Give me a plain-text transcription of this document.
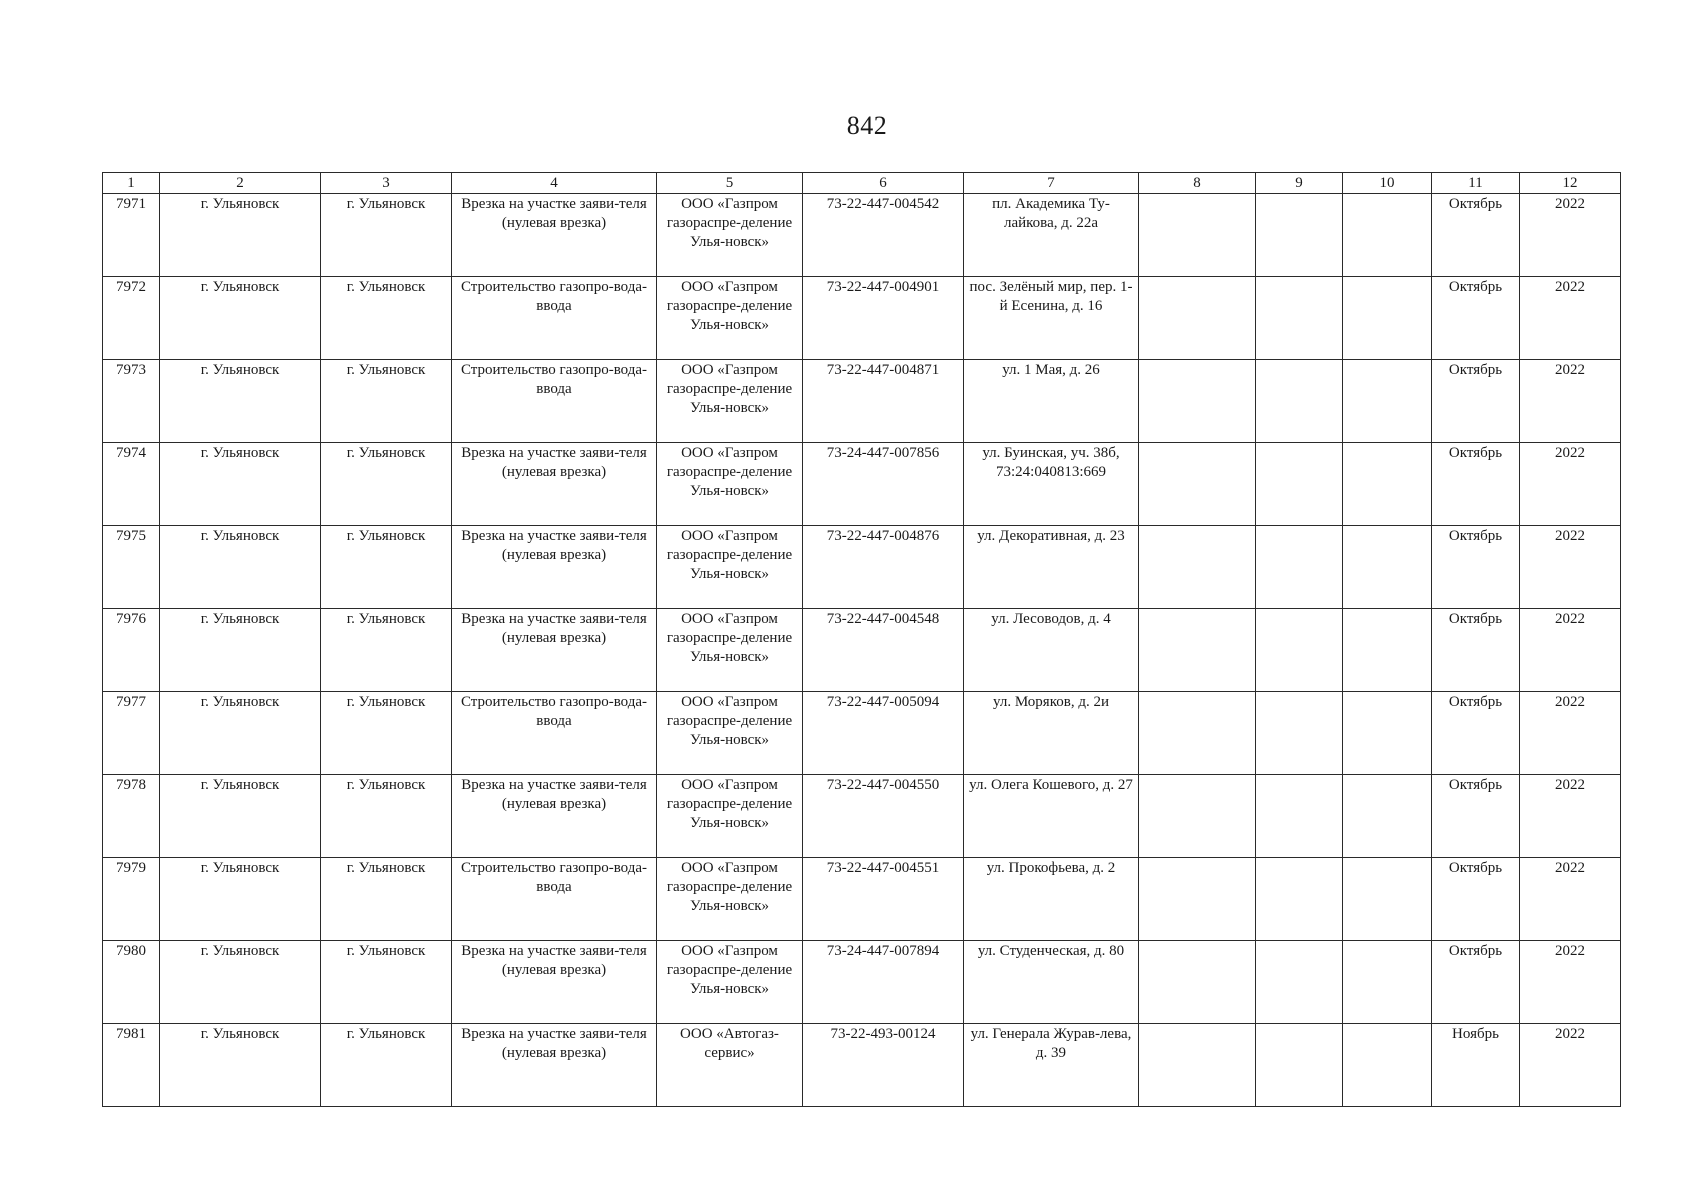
842
1	2	3	4	5	6	7	8	9	10	11	12
7971	г. Ульяновск	г. Ульяновск	Врезка на участке заяви-теля (нулевая врезка)	ООО «Газпром газораспре-деление Улья-новск»	73-22-447-004542	пл. Академика Ту-лайкова, д. 22а				Октябрь	2022
7972	г. Ульяновск	г. Ульяновск	Строительство газопро-вода-ввода	ООО «Газпром газораспре-деление Улья-новск»	73-22-447-004901	пос. Зелёный мир, пер. 1-й Есенина, д. 16				Октябрь	2022
7973	г. Ульяновск	г. Ульяновск	Строительство газопро-вода-ввода	ООО «Газпром газораспре-деление Улья-новск»	73-22-447-004871	ул. 1 Мая, д. 26				Октябрь	2022
7974	г. Ульяновск	г. Ульяновск	Врезка на участке заяви-теля (нулевая врезка)	ООО «Газпром газораспре-деление Улья-новск»	73-24-447-007856	ул. Буинская, уч. 38б, 73:24:040813:669				Октябрь	2022
7975	г. Ульяновск	г. Ульяновск	Врезка на участке заяви-теля (нулевая врезка)	ООО «Газпром газораспре-деление Улья-новск»	73-22-447-004876	ул. Декоративная, д. 23				Октябрь	2022
7976	г. Ульяновск	г. Ульяновск	Врезка на участке заяви-теля (нулевая врезка)	ООО «Газпром газораспре-деление Улья-новск»	73-22-447-004548	ул. Лесоводов, д. 4				Октябрь	2022
7977	г. Ульяновск	г. Ульяновск	Строительство газопро-вода-ввода	ООО «Газпром газораспре-деление Улья-новск»	73-22-447-005094	ул. Моряков, д. 2и				Октябрь	2022
7978	г. Ульяновск	г. Ульяновск	Врезка на участке заяви-теля (нулевая врезка)	ООО «Газпром газораспре-деление Улья-новск»	73-22-447-004550	ул. Олега Кошевого, д. 27				Октябрь	2022
7979	г. Ульяновск	г. Ульяновск	Строительство газопро-вода-ввода	ООО «Газпром газораспре-деление Улья-новск»	73-22-447-004551	ул. Прокофьева, д. 2				Октябрь	2022
7980	г. Ульяновск	г. Ульяновск	Врезка на участке заяви-теля (нулевая врезка)	ООО «Газпром газораспре-деление Улья-новск»	73-24-447-007894	ул. Студенческая, д. 80				Октябрь	2022
7981	г. Ульяновск	г. Ульяновск	Врезка на участке заяви-теля (нулевая врезка)	ООО «Автогаз-сервис»	73-22-493-00124	ул. Генерала Журав-лева, д. 39				Ноябрь	2022
